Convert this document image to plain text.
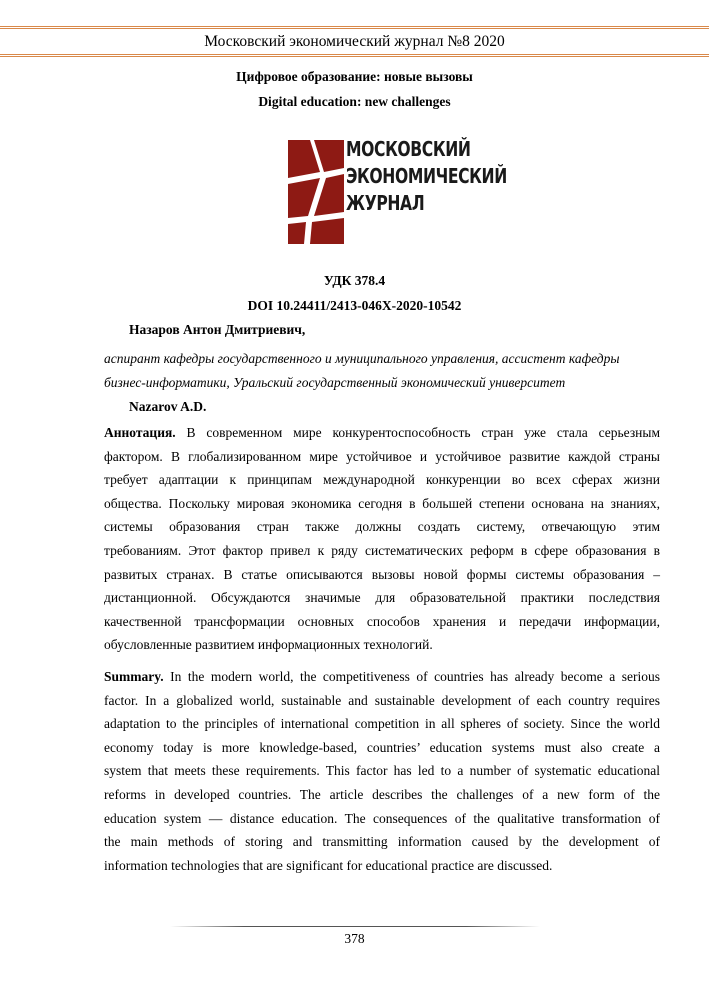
Московский экономический журнал №8 2020
Цифровое образование: новые вызовы
Digital education: new challenges
МОСКОВСКИЙ
ЭКОНОМИЧЕСКИЙ
ЖУРНАЛ
УДК 378.4
DOI 10.24411/2413-046Х-2020-10542
Назаров Антон Дмитриевич,
аспирант кафедры государственного и муниципального управления, ассистент кафедры
бизнес-информатики, Уральский государственный экономический университет
Nazarov A.D.
Аннотация. В современном мире конкурентоспособность стран уже стала серьезным
фактором. В глобализированном мире устойчивое и устойчивое развитие каждой страны
требует адаптации к принципам международной конкуренции во всех сферах жизни
общества. Поскольку мировая экономика сегодня в большей степени основана на знаниях,
системы образования стран также должны создать систему, отвечающую этим
требованиям. Этот фактор привел к ряду систематических реформ в сфере образования в
развитых странах. В статье описываются вызовы новой формы системы образования –
дистанционной. Обсуждаются значимые для образовательной практики последствия
качественной трансформации основных способов хранения и передачи информации,
обусловленные развитием информационных технологий.
Summary. In the modern world, the competitiveness of countries has already become a serious
factor. In a globalized world, sustainable and sustainable development of each country requires
adaptation to the principles of international competition in all spheres of society. Since the world
economy today is more knowledge-based, countries’ education systems must also create a
system that meets these requirements. This factor has led to a number of systematic educational
reforms in developed countries. The article describes the challenges of a new form of the
education system — distance education. The consequences of the qualitative transformation of
the main methods of storing and transmitting information caused by the development of
information technologies that are significant for educational practice are discussed.
378
